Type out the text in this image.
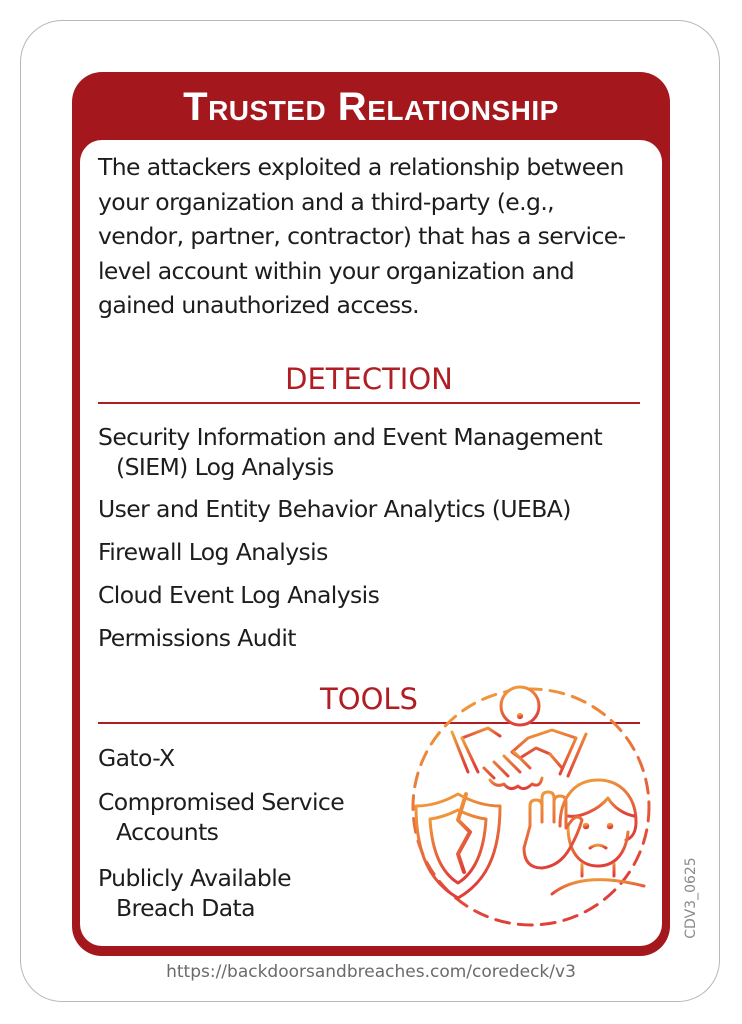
Trusted Relationship

The attackers exploited a relationship between your organization and a third-party (e.g., vendor, partner, contractor) that has a service-level account within your organization and gained unauthorized access.

DETECTION
Security Information and Event Management
(SIEM) Log Analysis
User and Entity Behavior Analytics (UEBA)
Firewall Log Analysis
Cloud Event Log Analysis
Permissions Audit
TOOLS
Gato-X
Compromised Service
Accounts
Publicly Available
Breach Data	CDV3_0625
https://backdoorsandbreaches.com/coredeck/v3
